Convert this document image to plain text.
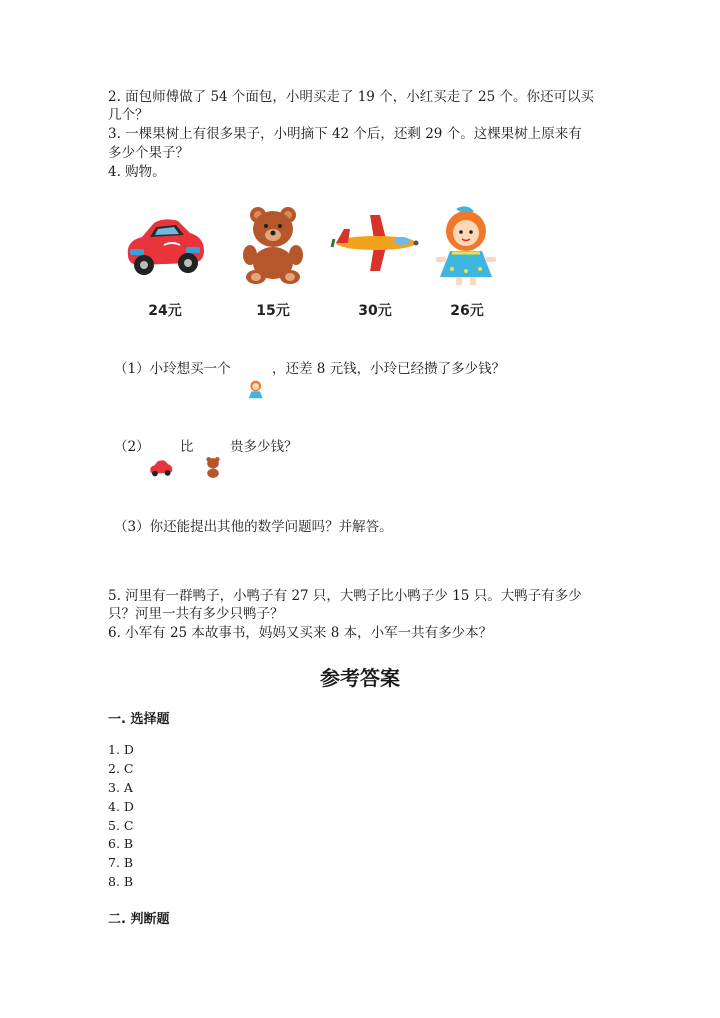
2. 面包师傅做了 54 个面包，小明买走了 19 个，小红买走了 25 个。你还可以买
几个？
3. 一棵果树上有很多果子，小明摘下 42 个后，还剩 29 个。这棵果树上原来有
多少个果子？
4. 购物。
24元	15元	30元	26元
（1）小玲想买一个	，还差 8 元钱，小玲已经攒了多少钱？
（2） 比	贵多少钱？
（3）你还能提出其他的数学问题吗？并解答。
5. 河里有一群鸭子，小鸭子有 27 只，大鸭子比小鸭子少 15 只。大鸭子有多少
只？河里一共有多少只鸭子？
6. 小军有 25 本故事书，妈妈又买来 8 本，小军一共有多少本？
参考答案
一. 选择题
1. D
2. C
3. A
4. D
5. C
6. B
7. B
8. B
二. 判断题
